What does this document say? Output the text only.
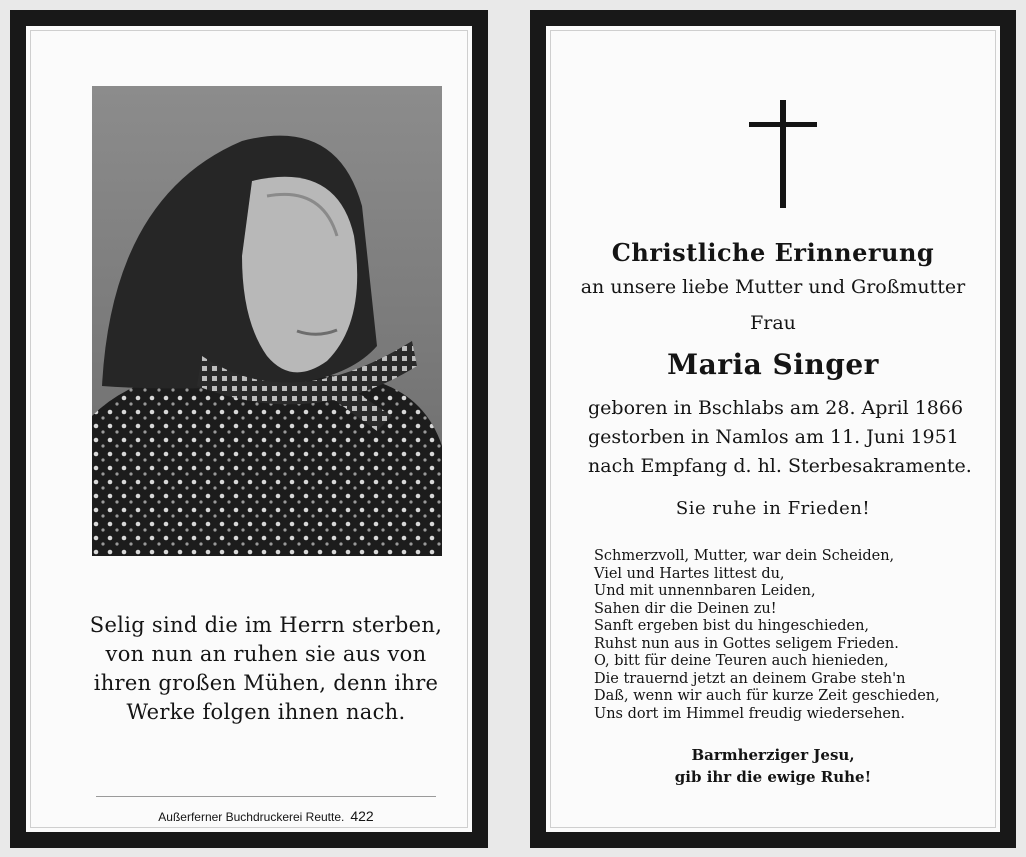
Selig sind die im Herrn sterben,
von nun an ruhen sie aus von
ihren großen Mühen, denn ihre
Werke folgen ihnen nach.
Außerferner Buchdruckerei Reutte. 422
Christliche Erinnerung
an unsere liebe Mutter und Großmutter
Frau
Maria Singer
geboren in Bschlabs am 28. April 1866
gestorben in Namlos am 11. Juni 1951
nach Empfang d. hl. Sterbesakramente.
Sie ruhe in Frieden!
Schmerzvoll, Mutter, war dein Scheiden,
Viel und Hartes littest du,
Und mit unnennbaren Leiden,
Sahen dir die Deinen zu!
Sanft ergeben bist du hingeschieden,
Ruhst nun aus in Gottes seligem Frieden.
O, bitt für deine Teuren auch hienieden,
Die trauernd jetzt an deinem Grabe steh'n
Daß, wenn wir auch für kurze Zeit geschieden,
Uns dort im Himmel freudig wiedersehen.
Barmherziger Jesu,
gib ihr die ewige Ruhe!
